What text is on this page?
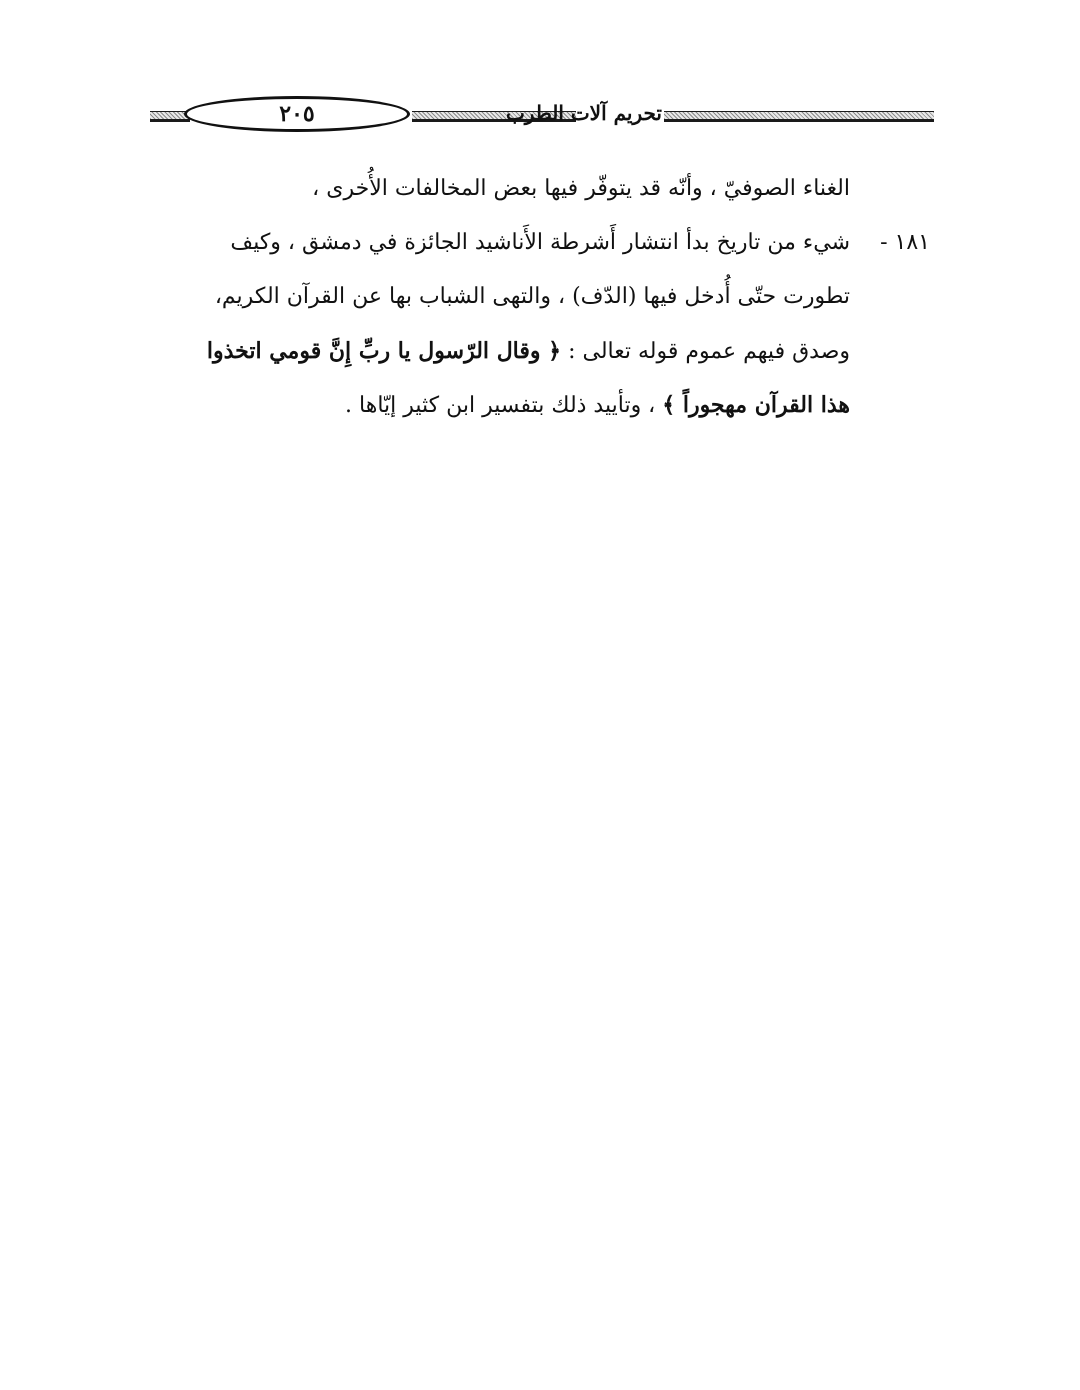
تحريم آلات الطرب
٢٠٥
الغناء الصوفيّ ، وأنّه قد يتوفّر فيها بعض المخالفات الأُخرى ،
١٨١ -شيء من تاريخ بدأ انتشار أَشرطة الأَناشيد الجائزة في دمشق ، وكيف
تطورت حتّى أُدخل فيها (الدّف) ، والتهى الشباب بها عن القرآن الكريم،
وصدق فيهم عموم قوله تعالى : ﴿ وقال الرّسول يا ربِّ إِنَّ قومي اتخذوا
هذا القرآن مهجوراً ﴾ ، وتأييد ذلك بتفسير ابن كثير إيّاها .
